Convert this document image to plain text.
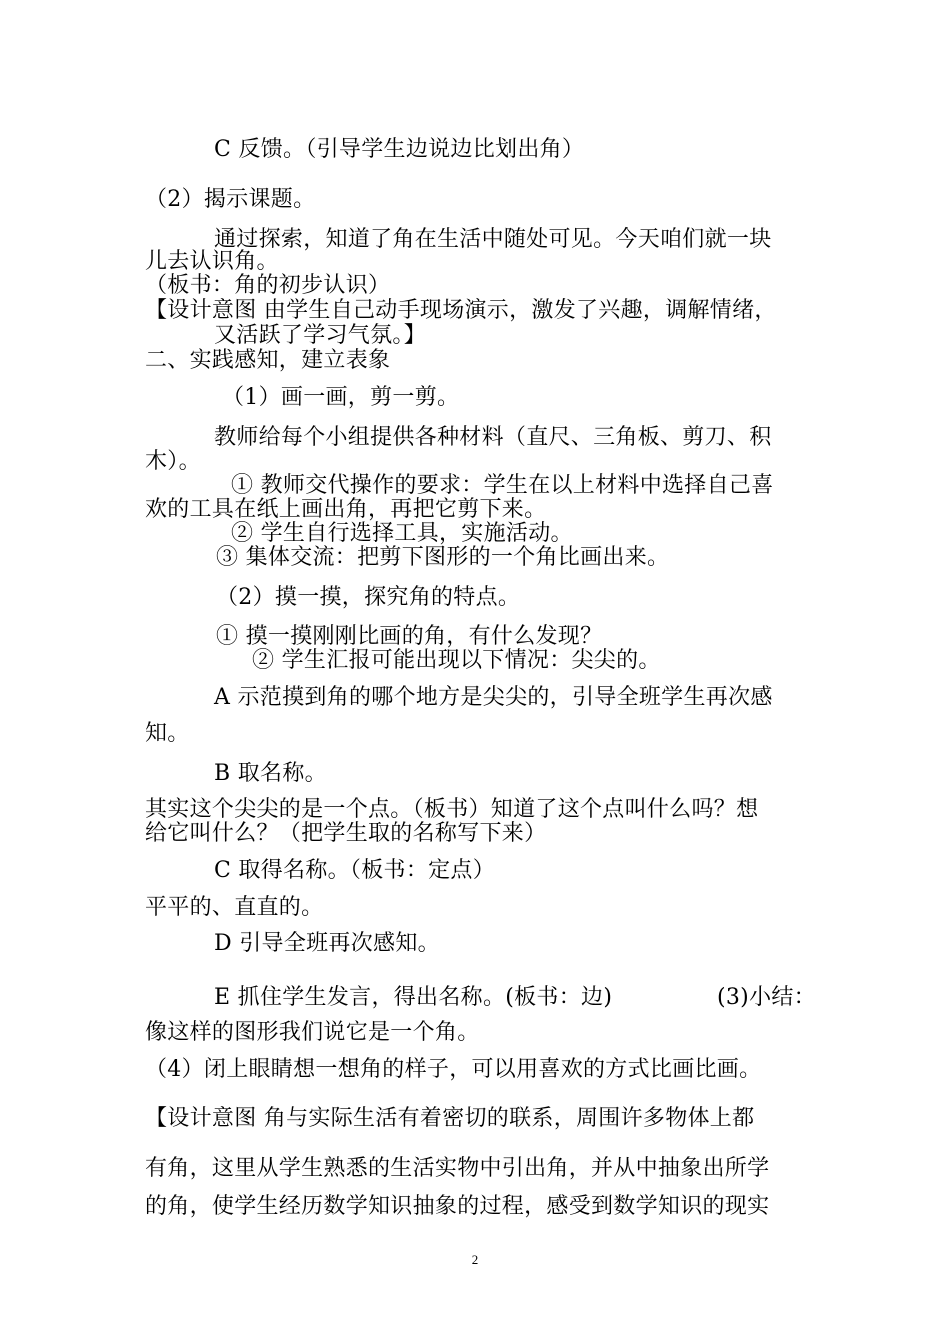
C 反馈。（引导学生边说边比划出角）
（2）揭示课题。
通过探索，知道了角在生活中随处可见。今天咱们就一块
儿去认识角。
（板书：角的初步认识）
【设计意图 由学生自己动手现场演示，激发了兴趣，调解情绪，
又活跃了学习气氛。】
二、实践感知，建立表象
（1）画一画，剪一剪。
教师给每个小组提供各种材料（直尺、三角板、剪刀、积
木）。
① 教师交代操作的要求：学生在以上材料中选择自己喜
欢的工具在纸上画出角，再把它剪下来。
② 学生自行选择工具，实施活动。
③ 集体交流：把剪下图形的一个角比画出来。
（2）摸一摸，探究角的特点。
① 摸一摸刚刚比画的角，有什么发现？
② 学生汇报可能出现以下情况：尖尖的。
A 示范摸到角的哪个地方是尖尖的，引导全班学生再次感
知。
B 取名称。
其实这个尖尖的是一个点。（板书）知道了这个点叫什么吗？想
给它叫什么？（把学生取的名称写下来）
C 取得名称。（板书：定点）
平平的、直直的。
D 引导全班再次感知。
E 抓住学生发言，得出名称。(板书：边)	(3)小结：
像这样的图形我们说它是一个角。
（4）闭上眼睛想一想角的样子，可以用喜欢的方式比画比画。
【设计意图 角与实际生活有着密切的联系，周围许多物体上都
有角，这里从学生熟悉的生活实物中引出角，并从中抽象出所学
的角，使学生经历数学知识抽象的过程，感受到数学知识的现实
2
